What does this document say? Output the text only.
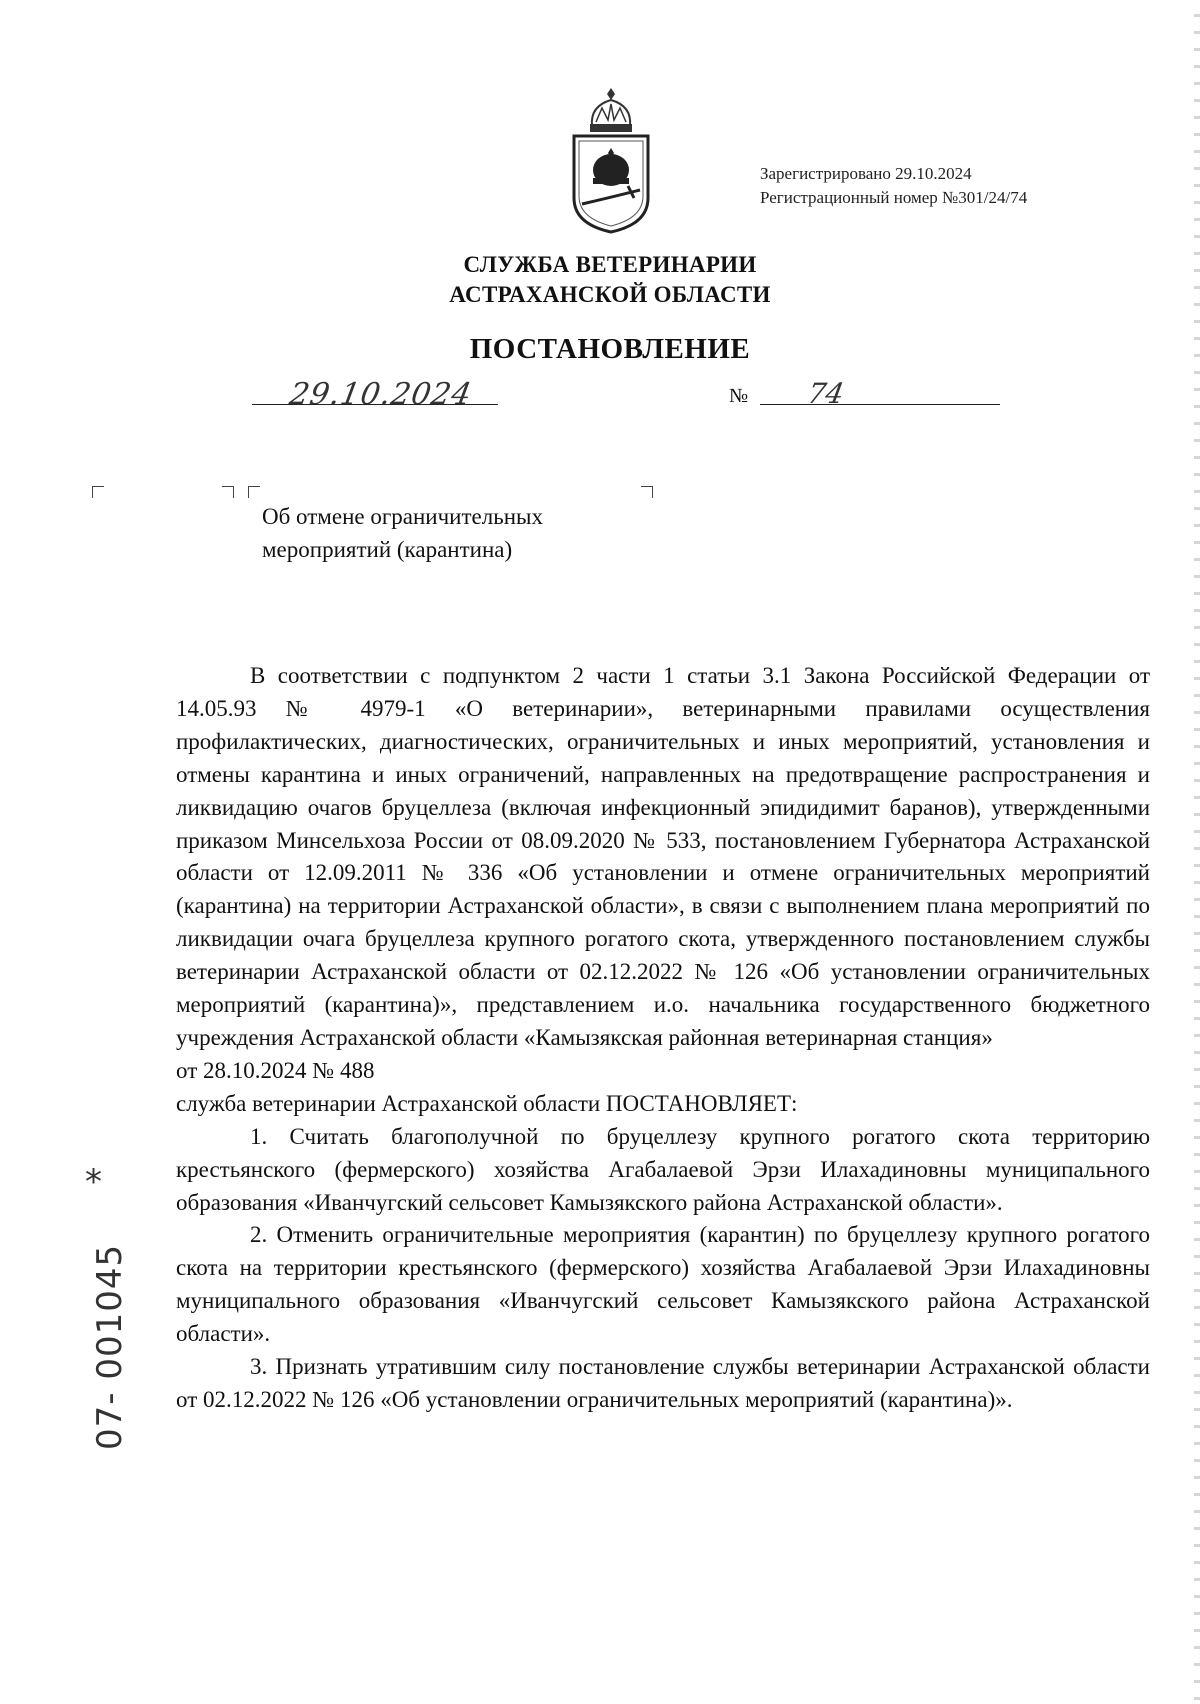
Зарегистрировано 29.10.2024
Регистрационный номер №301/24/74
СЛУЖБА ВЕТЕРИНАРИИ
АСТРАХАНСКОЙ ОБЛАСТИ
ПОСТАНОВЛЕНИЕ
29.10.2024	№ 74
Об отмене ограничительных
мероприятий (карантина)

В соответствии с подпунктом 2 части 1 статьи 3.1 Закона Российской Федерации от 14.05.93 № 4979-1 «О ветеринарии», ветеринарными правилами осуществления профилактических, диагностических, ограничительных и иных мероприятий, установления и отмены карантина и иных ограничений, направленных на предотвращение распространения и ликвидацию очагов бруцеллеза (включая инфекционный эпидидимит баранов), утвержденными приказом Минсельхоза России от 08.09.2020 № 533, постановлением Губернатора Астраханской области от 12.09.2011 № 336 «Об установлении и отмене ограничительных мероприятий (карантина) на территории Астраханской области», в связи с выполнением плана мероприятий по ликвидации очага бруцеллеза крупного рогатого скота, утвержденного постановлением службы ветеринарии Астраханской области от 02.12.2022 № 126 «Об установлении ограничительных мероприятий (карантина)», представлением и.о. начальника государственного бюджетного учреждения Астраханской области «Камызякская районная ветеринарная станция»

от 28.10.2024 № 488

служба ветеринарии Астраханской области ПОСТАНОВЛЯЕТ:

1. Считать благополучной по бруцеллезу крупного рогатого скота территорию крестьянского (фермерского) хозяйства Агабалаевой Эрзи Илахадиновны муниципального образования «Иванчугский сельсовет Камызякского района Астраханской области».

2. Отменить ограничительные мероприятия (карантин) по бруцеллезу крупного рогатого скота на территории крестьянского (фермерского) хозяйства Агабалаевой Эрзи Илахадиновны муниципального образования «Иванчугский сельсовет Камызякского района Астраханской области».

3. Признать утратившим силу постановление службы ветеринарии Астраханской области от 02.12.2022 № 126 «Об установлении ограничительных мероприятий (карантина)».

*
07- 001045
